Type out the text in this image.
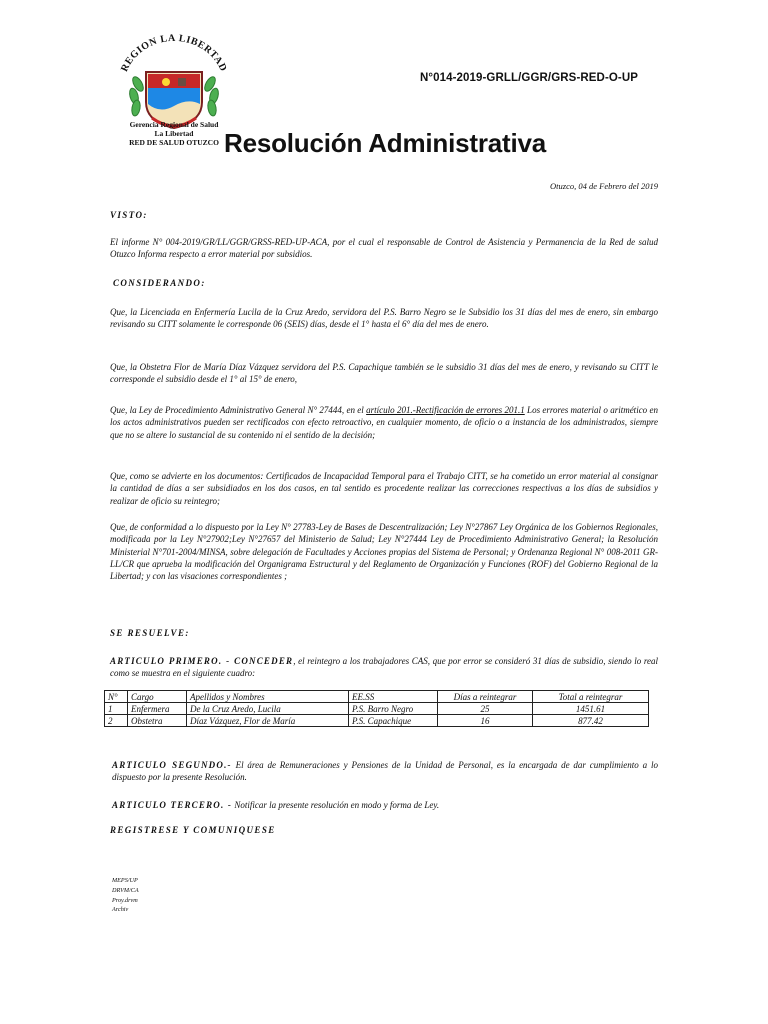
REGION LA LIBERTAD
Gerencia Regional de Salud
La Libertad
RED DE SALUD OTUZCO
N°014-2019-GRLL/GGR/GRS-RED-O-UP
Resolución Administrativa
Otuzco, 04 de Febrero del 2019
VISTO:
El informe N° 004-2019/GR/LL/GGR/GRSS-RED-UP-ACA, por el cual el responsable de Control de Asistencia y Permanencia de la Red de salud Otuzco Informa respecto a error material por subsidios.
CONSIDERANDO:
Que, la Licenciada en Enfermería Lucila de la Cruz Aredo, servidora del P.S. Barro Negro se le Subsidio los 31 días del mes de enero, sin embargo revisando su CITT solamente le corresponde 06 (SEIS) días, desde el 1° hasta el 6° día del mes de enero.
Que, la Obstetra Flor de María Díaz Vázquez servidora del P.S. Capachique también se le subsidio 31 días del mes de enero, y revisando su CITT le corresponde el subsidio desde el 1° al 15° de enero,
Que, la Ley de Procedimiento Administrativo General N° 27444, en el artículo 201.-Rectificación de errores 201.1 Los errores material o aritmético en los actos administrativos pueden ser rectificados con efecto retroactivo, en cualquier momento, de oficio o a instancia de los administrados, siempre que no se altere lo sustancial de su contenido ni el sentido de la decisión;
Que, como se advierte en los documentos: Certificados de Incapacidad Temporal para el Trabajo CITT, se ha cometido un error material al consignar la cantidad de días a ser subsidiados en los dos casos, en tal sentido es procedente realizar las correcciones respectivas a los días de subsidios y realizar de oficio su reintegro;
Que, de conformidad a lo dispuesto por la Ley N° 27783-Ley de Bases de Descentralización; Ley N°27867 Ley Orgánica de los Gobiernos Regionales, modificada por la Ley N°27902;Ley N°27657 del Ministerio de Salud; Ley N°27444 Ley de Procedimiento Administrativo General; la Resolución Ministerial N°701-2004/MINSA, sobre delegación de Facultades y Acciones propias del Sistema de Personal; y Ordenanza Regional N° 008-2011 GR-LL/CR que aprueba la modificación del Organigrama Estructural y del Reglamento de Organización y Funciones (ROF) del Gobierno Regional de la Libertad; y con las visaciones correspondientes ;
SE RESUELVE:
ARTICULO PRIMERO. - CONCEDER, el reintegro a los trabajadores CAS, que por error se consideró 31 días de subsidio, siendo lo real como se muestra en el siguiente cuadro:
N°	Cargo	Apellidos y Nombres	EE.SS	Días a reintegrar	Total a reintegrar
1	Enfermera	De la Cruz Aredo, Lucila	P.S. Barro Negro	25	1451.61
2	Obstetra	Díaz Vázquez, Flor de María	P.S. Capachique	16	877.42
ARTICULO SEGUNDO.- El área de Remuneraciones y Pensiones de la Unidad de Personal, es la encargada de dar cumplimiento a lo dispuesto por la presente Resolución.
ARTICULO TERCERO. - Notificar la presente resolución en modo y forma de Ley.
REGISTRESE Y COMUNIQUESE
MEPS/UP
DRVM/CA
Proy.drvm
Archiv
